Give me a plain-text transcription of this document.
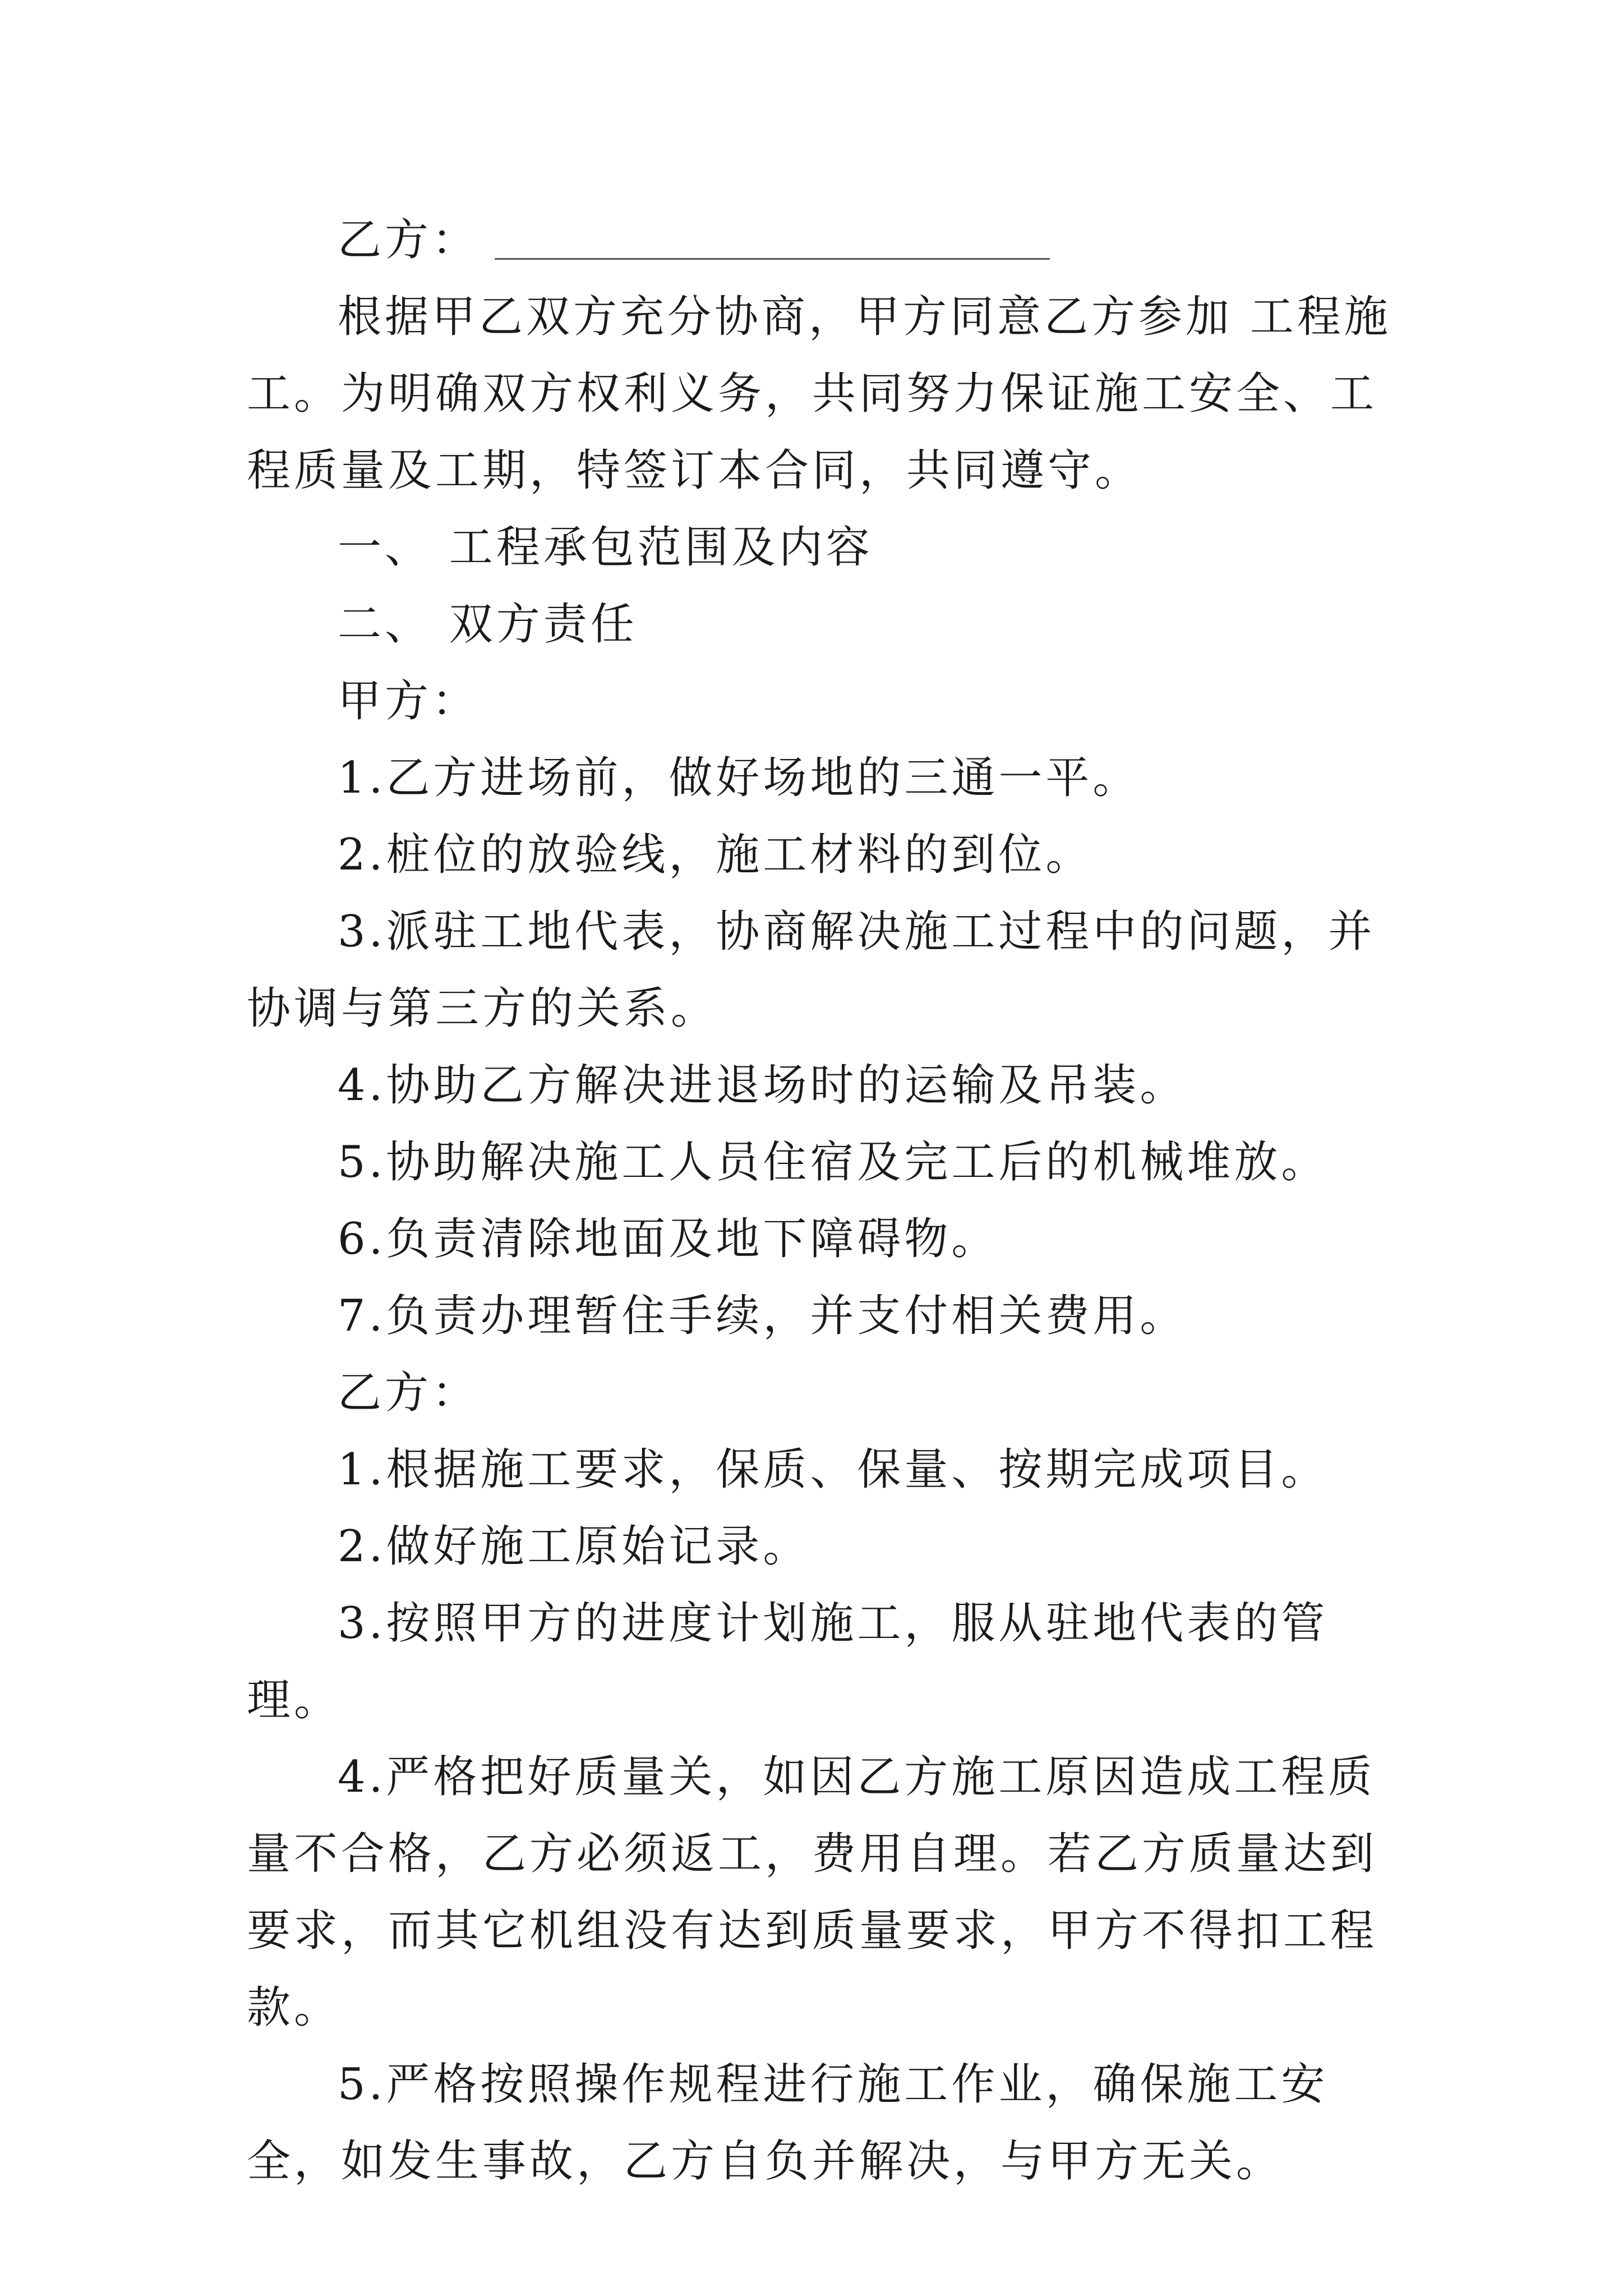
乙方：

根据甲乙双方充分协商，甲方同意乙方参加 工程施工。为明确双方权利义务，共同努力保证施工安全、工程质量及工期，特签订本合同，共同遵守。

一、 工程承包范围及内容

二、 双方责任

甲方：

1.乙方进场前，做好场地的三通一平。

2.桩位的放验线，施工材料的到位。

3.派驻工地代表，协商解决施工过程中的问题，并协调与第三方的关系。

4.协助乙方解决进退场时的运输及吊装。

5.协助解决施工人员住宿及完工后的机械堆放。

6.负责清除地面及地下障碍物。

7.负责办理暂住手续，并支付相关费用。

乙方：

1.根据施工要求，保质、保量、按期完成项目。

2.做好施工原始记录。

3.按照甲方的进度计划施工，服从驻地代表的管理。

4.严格把好质量关，如因乙方施工原因造成工程质量不合格，乙方必须返工，费用自理。若乙方质量达到要求，而其它机组没有达到质量要求，甲方不得扣工程款。

5.严格按照操作规程进行施工作业，确保施工安全，如发生事故，乙方自负并解决，与甲方无关。
